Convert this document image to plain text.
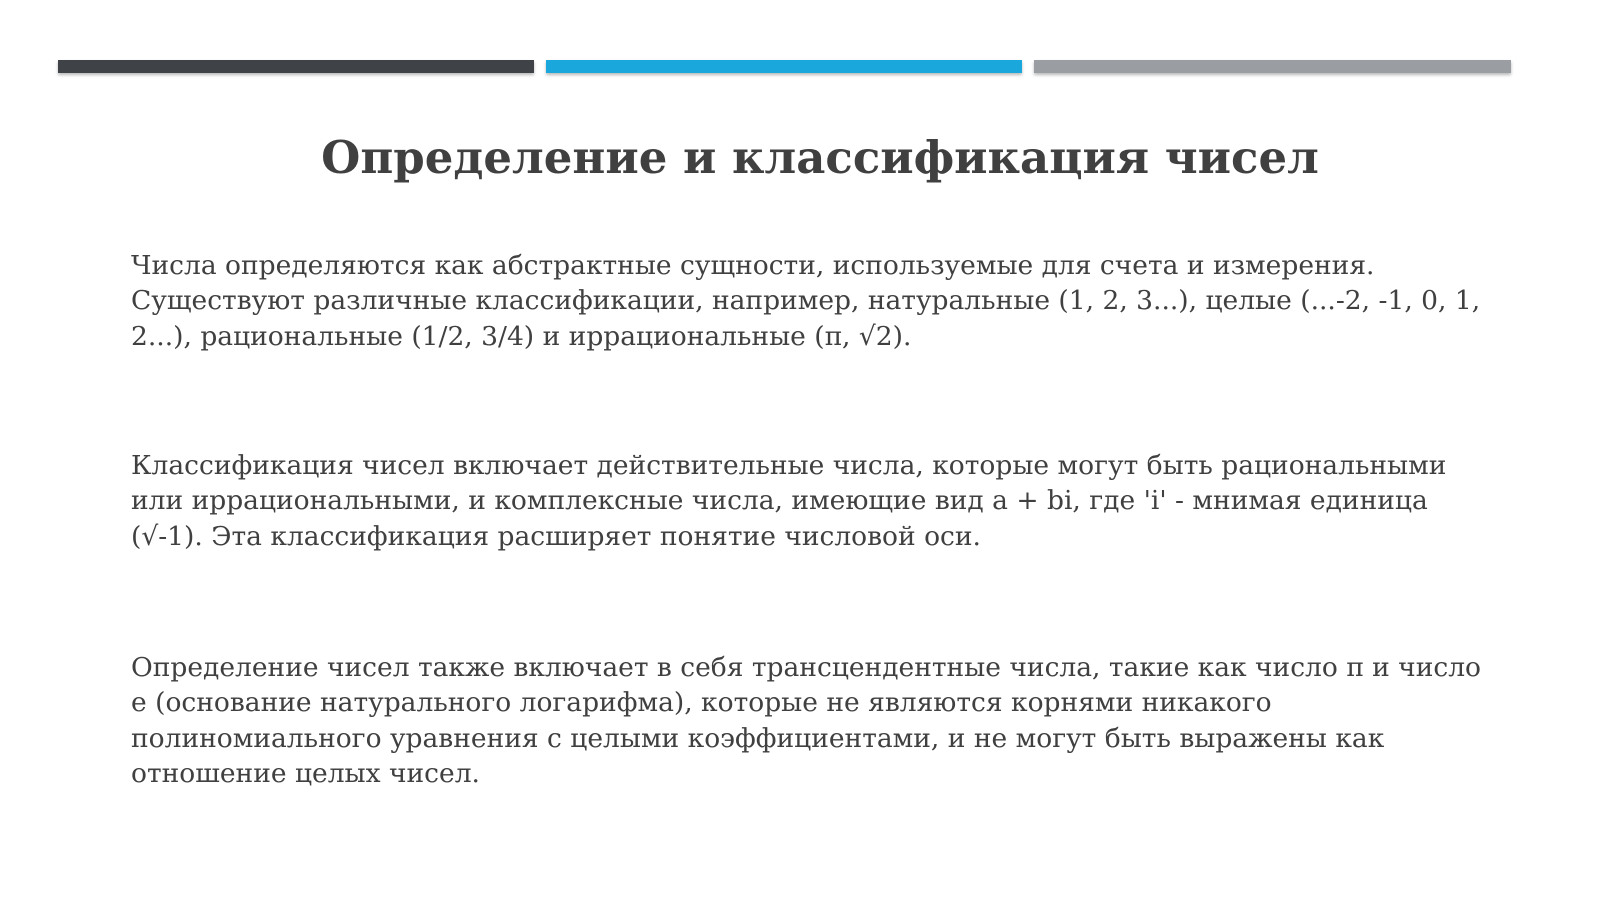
Определение и классификация чисел

Числа определяются как абстрактные сущности, используемые для счета и измерения. Существуют различные классификации, например, натуральные (1, 2, 3...), целые (...-2, -1, 0, 1, 2...), рациональные (1/2, 3/4) и иррациональные (π, √2).

Классификация чисел включает действительные числа, которые могут быть рациональными или иррациональными, и комплексные числа, имеющие вид a + bi, где 'i' - мнимая единица (√-1). Эта классификация расширяет понятие числовой оси.

Определение чисел также включает в себя трансцендентные числа, такие как число π и число e (основание натурального логарифма), которые не являются корнями никакого полиномиального уравнения с целыми коэффициентами, и не могут быть выражены как отношение целых чисел.
